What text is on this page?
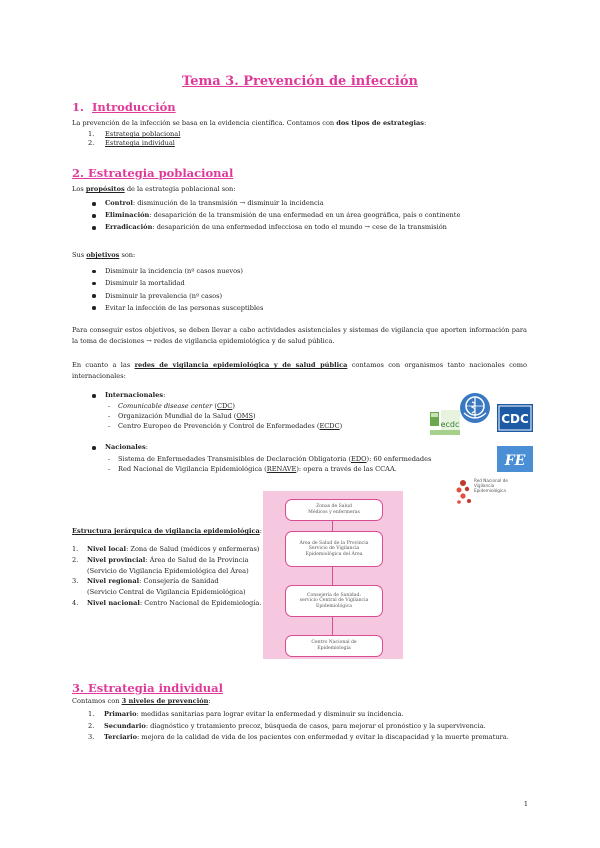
Tema 3. Prevención de infección
1. Introducción
La prevención de la infección se basa en la evidencia científica. Contamos con dos tipos de estrategias:
1. Estrategia poblacional
2. Estrategia individual
2. Estrategia poblacional
Los propósitos de la estrategia poblacional son:
Control: disminución de la transmisión → disminuir la incidencia
Eliminación: desaparición de la transmisión de una enfermedad en un área geográfica, país o continente
Erradicación: desaparición de una enfermedad infecciosa en todo el mundo → cese de la transmisión
Sus objetivos son:
Disminuir la incidencia (nº casos nuevos)
Disminuir la mortalidad
Disminuir la prevalencia (nº casos)
Evitar la infección de las personas susceptibles
Para conseguir estos objetivos, se deben llevar a cabo actividades asistenciales y sistemas de vigilancia que aporten información para la toma de decisiones → redes de vigilancia epidemiológica y de salud pública.
En cuanto a las redes de vigilancia epidemiológica y de salud pública contamos con organismos tanto nacionales como internacionales:
Internacionales:
- Comunicable disease center (CDC)
- Organización Mundial de la Salud (OMS)
- Centro Europeo de Prevención y Control de Enfermedades (ECDC)
Nacionales:
- Sistema de Enfermedades Transmisibles de Declaración Obligatoria (EDO): 60 enfermedades
- Red Nacional de Vigilancia Epidemiológica (RENAVE): opera a través de las CCAA.
ecdc	CDC
FE
Red Nacional de Vigilancia Epidemiológica
Estructura jerárquica de vigilancia epidemiológica:
1. Nivel local: Zona de Salud (médicos y enfermeras)
2. Nivel provincial: Área de Salud de la Provincia
(Servicio de Vigilancia Epidemiológica del Área)
3. Nivel regional: Consejería de Sanidad
(Servicio Central de Vigilancia Epidemiológica)
4. Nivel nacional: Centro Nacional de Epidemiología.
Zonas de Salud
Médicos y enfermeras
Área de Salud de la Provincia
Servicio de Vigilancia
Epidemiológica del Área
Consejería de Sanidad:
servicio Central de Vigilancia
Epidemiológica
Centro Nacional de
Epidemiología
3. Estrategia individual
Contamos con 3 niveles de prevención:
1. Primario: medidas sanitarias para lograr evitar la enfermedad y disminuir su incidencia.
2. Secundario: diagnóstico y tratamiento precoz, búsqueda de casos, para mejorar el pronóstico y la supervivencia.
3. Terciario: mejora de la calidad de vida de los pacientes con enfermedad y evitar la discapacidad y la muerte prematura.
1
